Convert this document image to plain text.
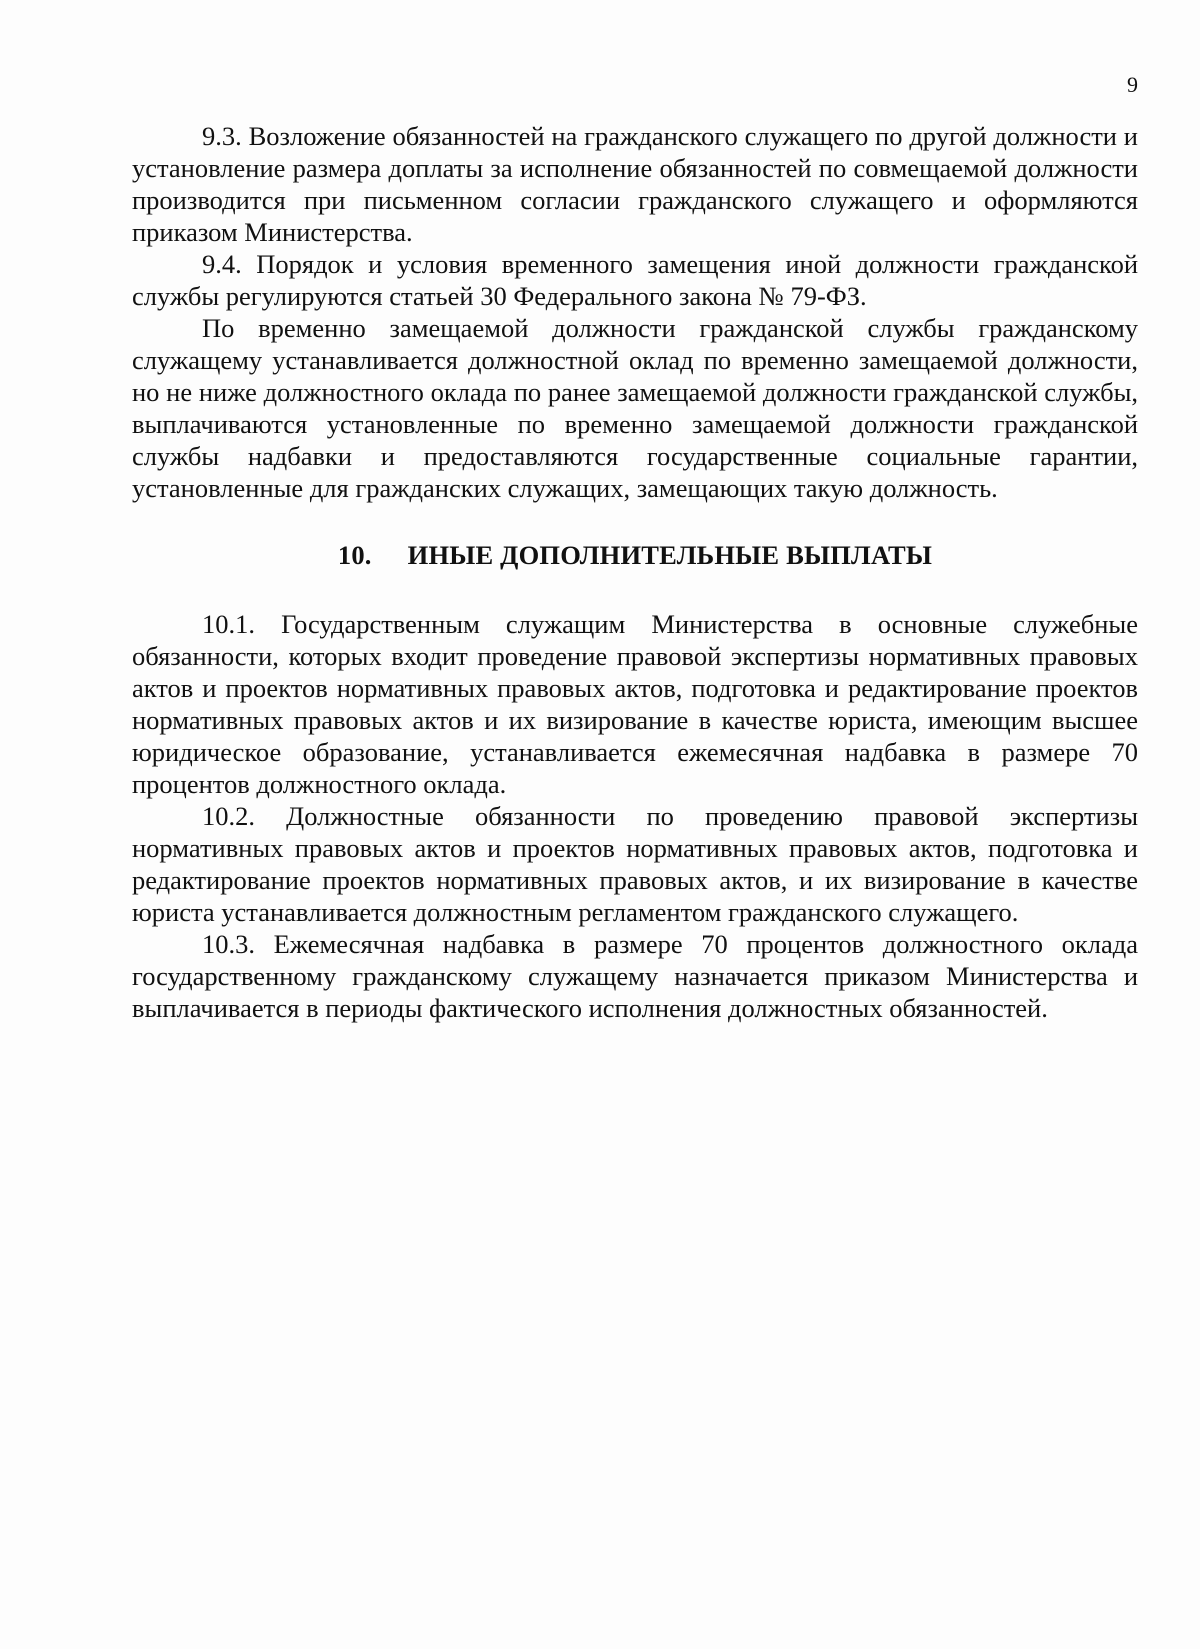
9

9.3. Возложение обязанностей на гражданского служащего по другой должности и установление размера доплаты за исполнение обязанностей по совмещаемой должности производится при письменном согласии гражданского служащего и оформляются приказом Министерства.

9.4. Порядок и условия временного замещения иной должности гражданской службы регулируются статьей 30 Федерального закона № 79-ФЗ.

По временно замещаемой должности гражданской службы гражданскому служащему устанавливается должностной оклад по временно замещаемой должности, но не ниже должностного оклада по ранее замещаемой должности гражданской службы, выплачиваются установленные по временно замещаемой должности гражданской службы надбавки и предоставляются государственные социальные гарантии, установленные для гражданских служащих, замещающих такую должность.

10. ИНЫЕ ДОПОЛНИТЕЛЬНЫЕ ВЫПЛАТЫ

10.1. Государственным служащим Министерства в основные служебные обязанности, которых входит проведение правовой экспертизы нормативных правовых актов и проектов нормативных правовых актов, подготовка и редактирование проектов нормативных правовых актов и их визирование в качестве юриста, имеющим высшее юридическое образование, устанавливается ежемесячная надбавка в размере 70 процентов должностного оклада.

10.2. Должностные обязанности по проведению правовой экспертизы нормативных правовых актов и проектов нормативных правовых актов, подготовка и редактирование проектов нормативных правовых актов, и их визирование в качестве юриста устанавливается должностным регламентом гражданского служащего.

10.3. Ежемесячная надбавка в размере 70 процентов должностного оклада государственному гражданскому служащему назначается приказом Министерства и выплачивается в периоды фактического исполнения должностных обязанностей.
